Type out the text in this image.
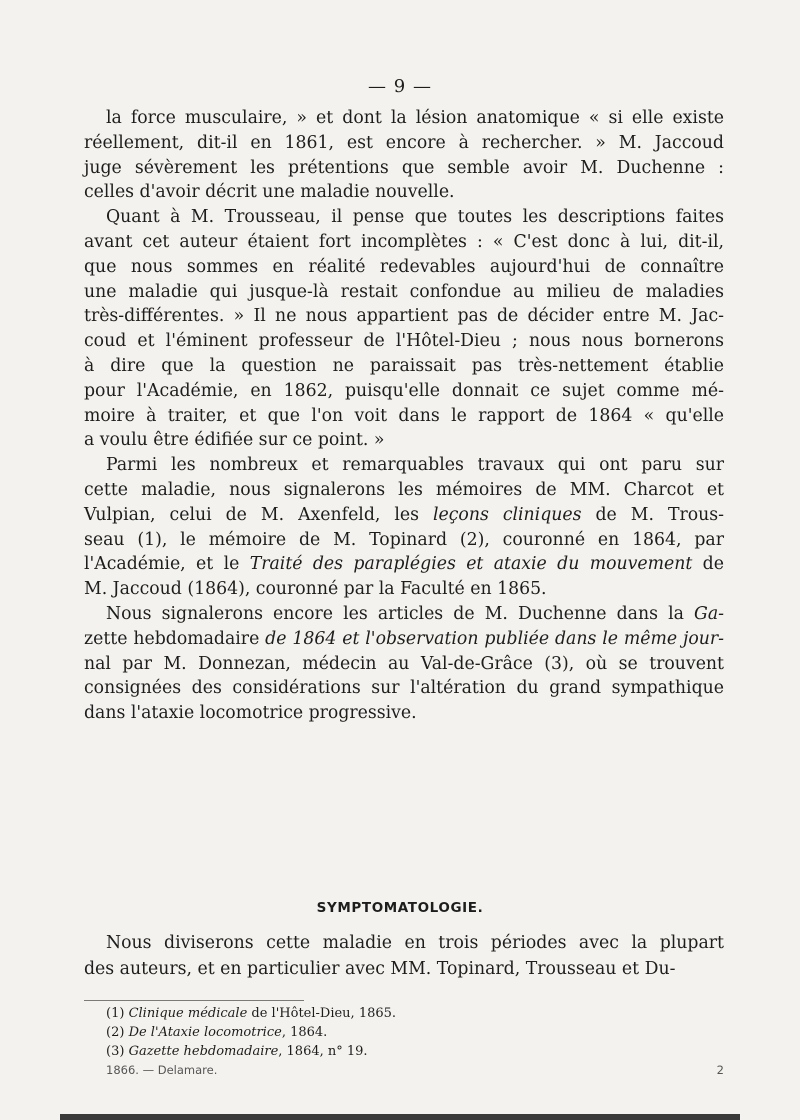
— 9 —
la force musculaire, » et dont la lésion anatomique « si elle existe
réellement, dit-il en 1861, est encore à rechercher. » M. Jaccoud
juge sévèrement les prétentions que semble avoir M. Duchenne :
celles d'avoir décrit une maladie nouvelle.
Quant à M. Trousseau, il pense que toutes les descriptions faites
avant cet auteur étaient fort incomplètes : « C'est donc à lui, dit-il,
que nous sommes en réalité redevables aujourd'hui de connaître
une maladie qui jusque-là restait confondue au milieu de maladies
très-différentes. » Il ne nous appartient pas de décider entre M. Jac-
coud et l'éminent professeur de l'Hôtel-Dieu ; nous nous bornerons
à dire que la question ne paraissait pas très-nettement établie
pour l'Académie, en 1862, puisqu'elle donnait ce sujet comme mé-
moire à traiter, et que l'on voit dans le rapport de 1864 « qu'elle
a voulu être édifiée sur ce point. »
Parmi les nombreux et remarquables travaux qui ont paru sur
cette maladie, nous signalerons les mémoires de MM. Charcot et
Vulpian, celui de M. Axenfeld, les leçons cliniques de M. Trous-
seau (1), le mémoire de M. Topinard (2), couronné en 1864, par
l'Académie, et le Traité des paraplégies et ataxie du mouvement de
M. Jaccoud (1864), couronné par la Faculté en 1865.
Nous signalerons encore les articles de M. Duchenne dans la Ga-
zette hebdomadaire de 1864 et l'observation publiée dans le même jour-
nal par M. Donnezan, médecin au Val-de-Grâce (3), où se trouvent
consignées des considérations sur l'altération du grand sympathique
dans l'ataxie locomotrice progressive.
SYMPTOMATOLOGIE.
Nous diviserons cette maladie en trois périodes avec la plupart
des auteurs, et en particulier avec MM. Topinard, Trousseau et Du-
(1) Clinique médicale de l'Hôtel-Dieu, 1865.
(2) De l'Ataxie locomotrice, 1864.
(3) Gazette hebdomadaire, 1864, n° 19.
1866. — Delamare.	2
